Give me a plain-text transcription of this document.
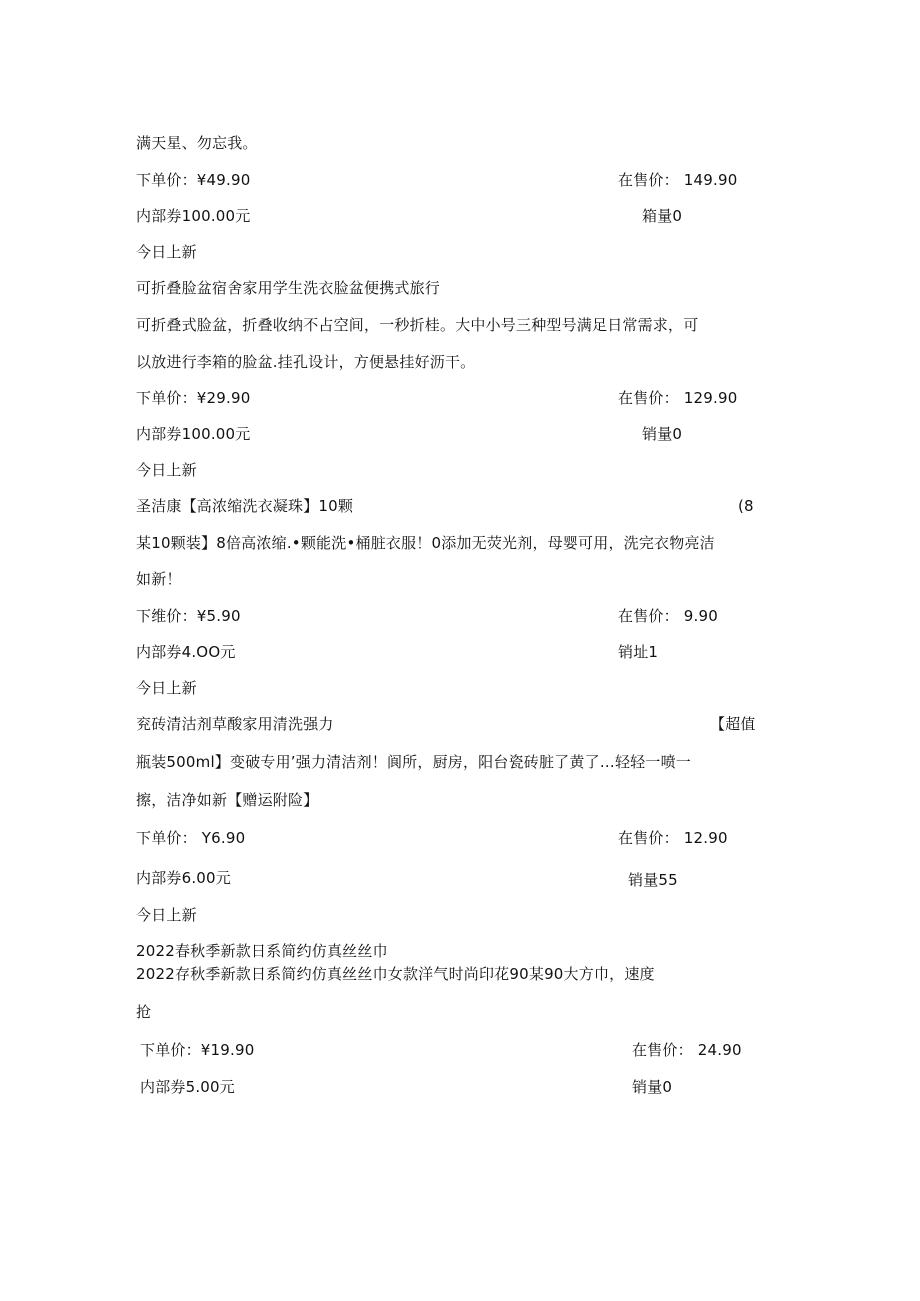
满天星、勿忘我。
下单价：¥49.90	在售价： 149.90
内部券100.00元	箱量0
今日上新
可折叠脸盆宿舍家用学生洗衣脸盆便携式旅行
可折叠式脸盆，折叠收纳不占空间，一秒折桂。大中小号三种型号满足日常需求，可
以放进行李箱的脸盆.挂孔设计，方便悬挂好沥干。
下单价：¥29.90	在售价： 129.90
内部券100.00元	销量0
今日上新
圣洁康【高浓缩洗衣凝珠】10颗	(8
某10颗装】8倍高浓缩.•颗能洗•桶脏衣服！0添加无荧光剂，母婴可用，洗完衣物亮洁
如新！
下维价：¥5.90	在售价： 9.90
内部券4.OO元	销址1
今日上新
兖砖清沽剂草酸家用清洗强力	【超值
瓶装500ml】变破专用’强力清洁剂！阆所，厨房，阳台瓷砖脏了黄了…轻轻一喷一
擦，洁净如新【赠运附险】
下单价： Y6.90	在售价： 12.90
内部券6.00元	销量55
今日上新
2022春秋季新款日系简约仿真丝丝巾
2022存秋季新款日系简约仿真丝丝巾女款洋气时尚印花90某90大方巾，速度
抢
下单价：¥19.90	在售价： 24.90
内部券5.00元	销量0
